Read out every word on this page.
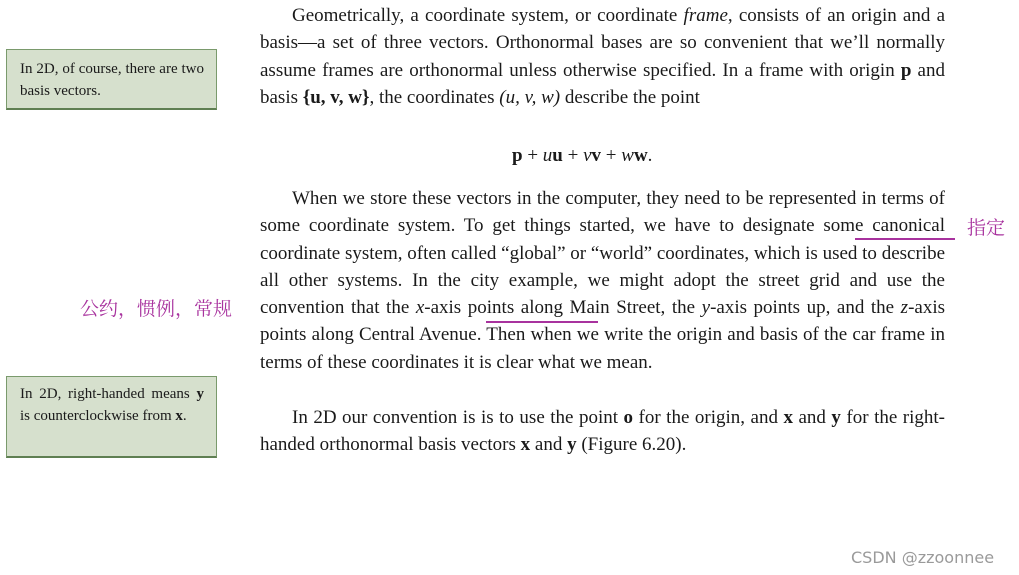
In 2D, of course, there are two basis vectors.
In 2D, right-handed means y is counterclockwise from x.
Geometrically, a coordinate system, or coordinate frame, consists of an origin and a basis—a set of three vectors. Orthonormal bases are so convenient that we’ll normally assume frames are orthonormal unless otherwise specified. In a frame with origin p and basis {u, v, w}, the coordinates (u, v, w) describe the point
p + uu + vv + ww.
When we store these vectors in the computer, they need to be represented in terms of some coordinate system. To get things started, we have to designate some canonical coordinate system, often called “global” or “world” coordinates, which is used to describe all other systems. In the city example, we might adopt the street grid and use the convention that the x-axis points along Main Street, the y-axis points up, and the z-axis points along Central Avenue. Then when we write the origin and basis of the car frame in terms of these coordinates it is clear what we mean.
In 2D our convention is is to use the point o for the origin, and x and y for the right-handed orthonormal basis vectors x and y (Figure 6.20).
指定
公约，惯例，常规
CSDN @zzoonnee
